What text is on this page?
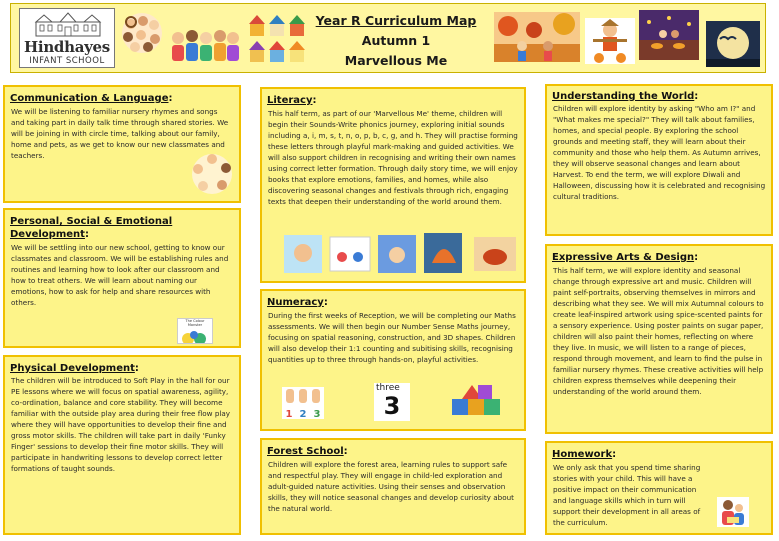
Hindhayes
INFANT SCHOOL
Year R Curriculum Map
Autumn 1
Marvellous Me
Communication & Language:

We will be listening to familiar nursery rhymes and songs and taking part in daily talk time through shared stories. We will be joining in with circle time, talking about our family, home and pets, as we get to know our new classmates and teachers.

Personal, Social & Emotional Development:

We will be settling into our new school, getting to know our classmates and classroom. We will be establishing rules and routines and learning how to look after our classroom and how to treat others. We will learn about naming our emotions, how to ask for help and share resources with others.

The Colour Monster
Physical Development:

The children will be introduced to Soft Play in the hall for our PE lessons where we will focus on spatial awareness, agility, co-ordination, balance and core stability. They will become familiar with the outside play area during their free flow play where they will have opportunities to develop their fine and gross motor skills. The children will take part in daily 'Funky Finger' sessions to develop their fine motor skills. They will participate in handwriting lessons to develop correct letter formations of taught sounds.

Literacy:

This half term, as part of our 'Marvellous Me' theme, children will begin their Sounds-Write phonics journey, exploring initial sounds including a, i, m, s, t, n, o, p, b, c, g, and h. They will practise forming these letters through playful mark-making and guided activities. We will also support children in recognising and writing their own names using correct letter formation. Through daily story time, we will enjoy books that explore emotions, families, and homes, while also discovering seasonal changes and festivals through rich, engaging texts that deepen their understanding of the world around them.

Numeracy:

During the first weeks of Reception, we will be completing our Maths assessments. We will then begin our Number Sense Maths journey, focusing on spatial reasoning, construction, and 3D shapes. Children will also develop their 1:1 counting and subitising skills, recognising quantities up to three through hands-on, playful activities.

1 2 3
three
3
Forest School:

Children will explore the forest area, learning rules to support safe and respectful play. They will engage in child-led exploration and adult-guided nature activities. Using their senses and observation skills, they will notice seasonal changes and develop curiosity about the natural world.

Understanding the World:

Children will explore identity by asking "Who am I?" and "What makes me special?" They will talk about families, homes, and special people. By exploring the school grounds and meeting staff, they will learn about their community and those who help them. As Autumn arrives, they will observe seasonal changes and learn about Harvest. To end the term, we will explore Diwali and Halloween, discussing how it is celebrated and recognising cultural traditions.

Expressive Arts & Design:

This half term, we will explore identity and seasonal change through expressive art and music. Children will paint self-portraits, observing themselves in mirrors and describing what they see. We will mix Autumnal colours to create leaf-inspired artwork using spice-scented paints for a sensory experience. Using poster paints on sugar paper, children will also paint their homes, reflecting on where they live. In music, we will listen to a range of pieces, respond through movement, and learn to find the pulse in familiar nursery rhymes. These creative activities will help children express themselves while deepening their understanding of the world around them.

Homework:

We only ask that you spend time sharing stories with your child. This will have a positive impact on their communication and language skills which in turn will support their development in all areas of the curriculum.
